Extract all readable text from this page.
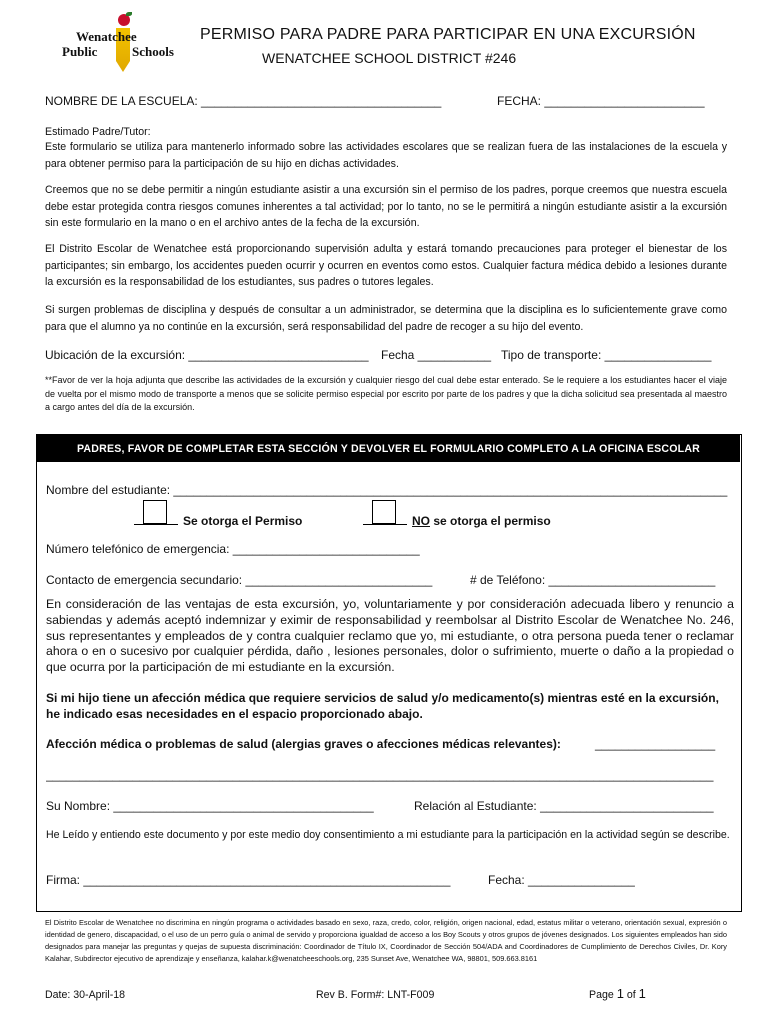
Wenatchee
Public	Schools
PERMISO PARA PADRE PARA PARTICIPAR EN UNA EXCURSIÓN
WENATCHEE SCHOOL DISTRICT #246
NOMBRE DE LA ESCUELA: ____________________________________	FECHA: ________________________
Estimado Padre/Tutor:
Este formulario se utiliza para mantenerlo informado sobre las actividades escolares que se realizan fuera de las instalaciones de la escuela y para obtener permiso para la participación de su hijo en dichas actividades.
Creemos que no se debe permitir a ningún estudiante asistir a una excursión sin el permiso de los padres, porque creemos que nuestra escuela debe estar protegida contra riesgos comunes inherentes a tal actividad; por lo tanto, no se le permitirá a ningún estudiante asistir a la excursión sin este formulario en la mano o en el archivo antes de la fecha de la excursión.
El Distrito Escolar de Wenatchee está proporcionando supervisión adulta y estará tomando precauciones para proteger el bienestar de los participantes; sin embargo, los accidentes pueden ocurrir y ocurren en eventos como estos. Cualquier factura médica debido a lesiones durante la excursión es la responsabilidad de los estudiantes, sus padres o tutores legales.
Si surgen problemas de disciplina y después de consultar a un administrador, se determina que la disciplina es lo suficientemente grave como para que el alumno ya no continúe en la excursión, será responsabilidad del padre de recoger a su hijo del evento.
Ubicación de la excursión: ___________________________ Fecha ___________ Tipo de transporte: ________________
**Favor de ver la hoja adjunta que describe las actividades de la excursión y cualquier riesgo del cual debe estar enterado. Se le requiere a los estudiantes hacer el viaje de vuelta por el mismo modo de transporte a menos que se solicite permiso especial por escrito por parte de los padres y que la dicha solicitud sea presentada al maestro a cargo antes del día de la excursión.
PADRES, FAVOR DE COMPLETAR ESTA SECCIÓN Y DEVOLVER EL FORMULARIO COMPLETO A LA OFICINA ESCOLAR
Nombre del estudiante: ___________________________________________________________________________________
Se otorga el Permiso	NO se otorga el permiso
Número telefónico de emergencia: ____________________________
Contacto de emergencia secundario: ____________________________	# de Teléfono: _________________________
En consideración de las ventajas de esta excursión, yo, voluntariamente y por consideración adecuada libero y renuncio a sabiendas y además aceptó indemnizar y eximir de responsabilidad y reembolsar al Distrito Escolar de Wenatchee No. 246, sus representantes y empleados de y contra cualquier reclamo que yo, mi estudiante, o otra persona pueda tener o reclamar ahora o en o sucesivo por cualquier pérdida, daño , lesiones personales, dolor o sufrimiento, muerte o daño a la propiedad o que ocurra por la participación de mi estudiante en la excursión.
Si mi hijo tiene un afección médica que requiere servicios de salud y/o medicamento(s) mientras esté en la excursión, he indicado esas necesidades en el espacio proporcionado abajo.
Afección médica o problemas de salud (alergias graves o afecciones médicas relevantes):	__________________
____________________________________________________________________________________________________
Su Nombre: _______________________________________	Relación al Estudiante: __________________________
He Leído y entiendo este documento y por este medio doy consentimiento a mi estudiante para la participación en la actividad según se describe.
Firma: _______________________________________________________	Fecha: ________________
El Distrito Escolar de Wenatchee no discrimina en ningún programa o actividades basado en sexo, raza, credo, color, religión, origen nacional, edad, estatus militar o veterano, orientación sexual, expresión o identidad de genero, discapacidad, o el uso de un perro guía o animal de servido y proporciona igualdad de acceso a los Boy Scouts y otros grupos de jóvenes designados. Los siguientes empleados han sido designados para manejar las preguntas y quejas de supuesta discriminación: Coordinador de Título IX, Coordinador de Sección 504/ADA and Coordinadores de Cumplimiento de Derechos Civiles, Dr. Kory Kalahar, Subdirector ejecutivo de aprendizaje y enseñanza, kalahar.k@wenatcheeschools.org, 235 Sunset Ave, Wenatchee WA, 98801, 509.663.8161
Date: 30-April-18	Rev B. Form#: LNT-F009	Page 1 of 1
